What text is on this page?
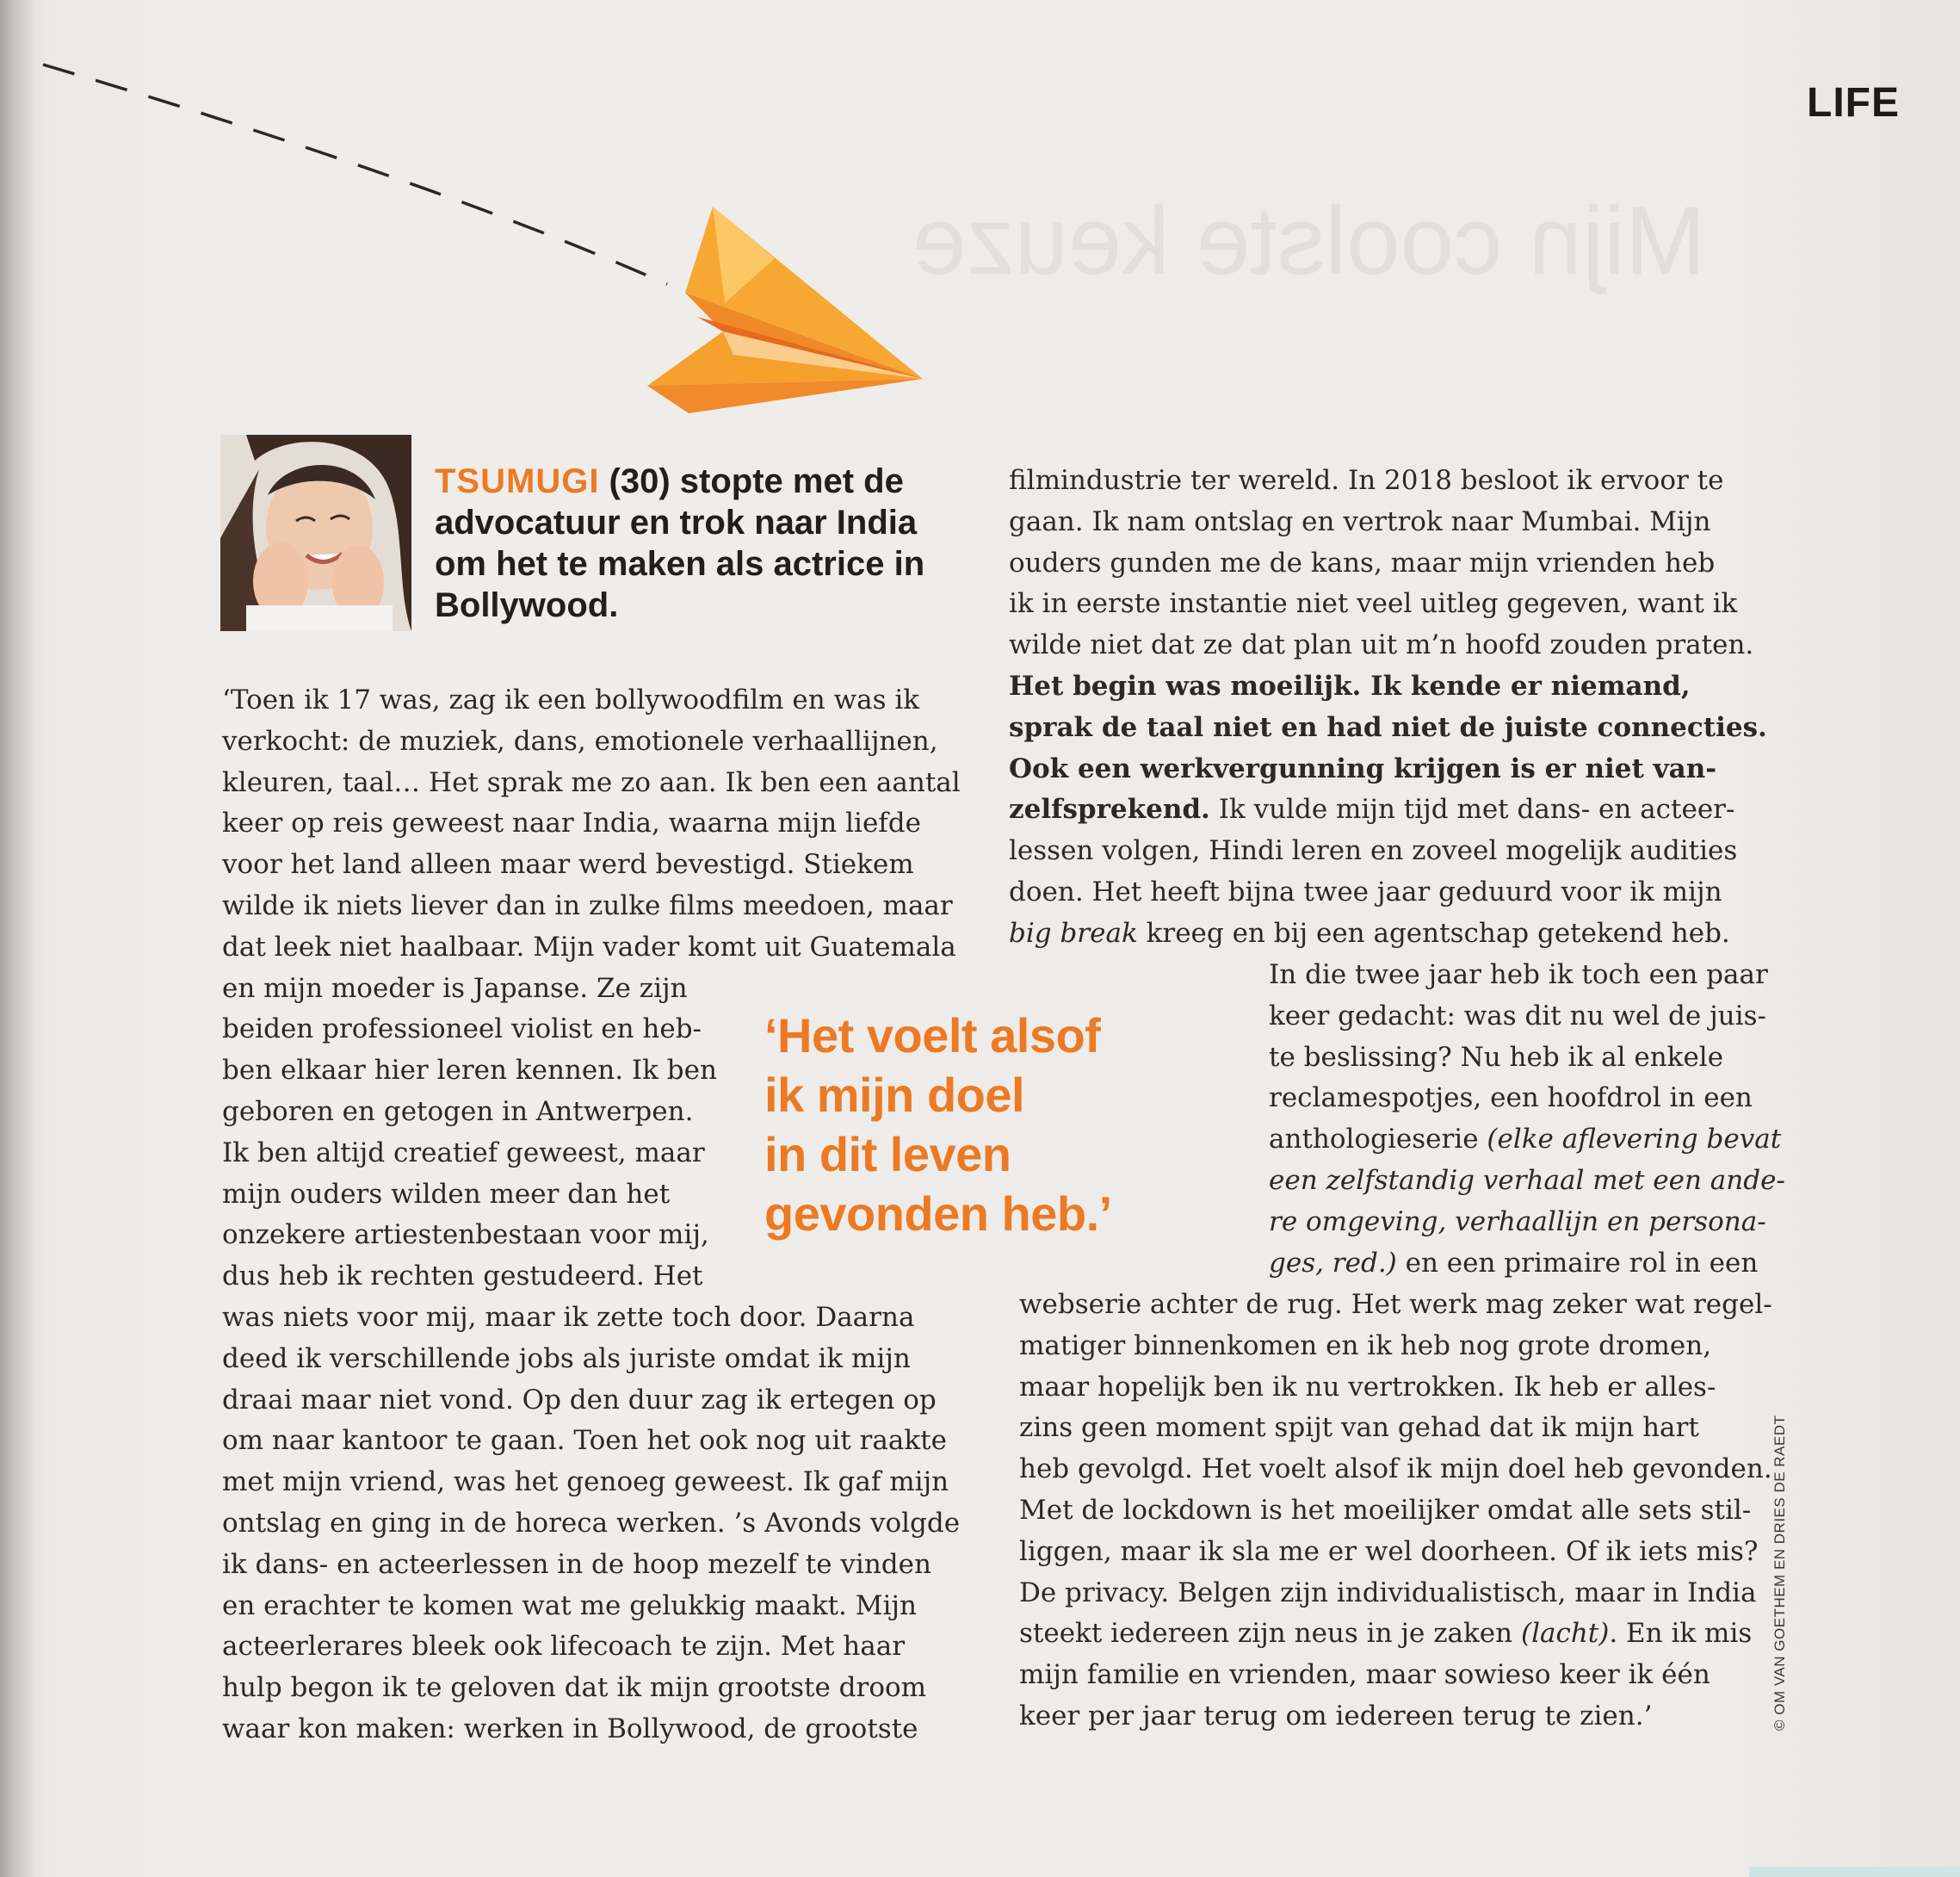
Mijn coolste keuze
LIFE
TSUMUGI (30) stopte met de advocatuur en trok naar India om het te maken als actrice in Bollywood.
‘Toen ik 17 was, zag ik een bollywoodfilm en was ik
verkocht: de muziek, dans, emotionele verhaallijnen,
kleuren, taal… Het sprak me zo aan. Ik ben een aantal
keer op reis geweest naar India, waarna mijn liefde
voor het land alleen maar werd bevestigd. Stiekem
wilde ik niets liever dan in zulke films meedoen, maar
dat leek niet haalbaar. Mijn vader komt uit Guatemala
en mijn moeder is Japanse. Ze zijn
beiden professioneel violist en heb-
ben elkaar hier leren kennen. Ik ben
geboren en getogen in Antwerpen.
Ik ben altijd creatief geweest, maar
mijn ouders wilden meer dan het
onzekere artiestenbestaan voor mij,
dus heb ik rechten gestudeerd. Het
was niets voor mij, maar ik zette toch door. Daarna
deed ik verschillende jobs als juriste omdat ik mijn
draai maar niet vond. Op den duur zag ik ertegen op
om naar kantoor te gaan. Toen het ook nog uit raakte
met mijn vriend, was het genoeg geweest. Ik gaf mijn
ontslag en ging in de horeca werken. ’s Avonds volgde
ik dans- en acteerlessen in de hoop mezelf te vinden
en erachter te komen wat me gelukkig maakt. Mijn
acteerlerares bleek ook lifecoach te zijn. Met haar
hulp begon ik te geloven dat ik mijn grootste droom
waar kon maken: werken in Bollywood, de grootste
‘Het voelt alsof
ik mijn doel
in dit leven
gevonden heb.’
filmindustrie ter wereld. In 2018 besloot ik ervoor te
gaan. Ik nam ontslag en vertrok naar Mumbai. Mijn
ouders gunden me de kans, maar mijn vrienden heb
ik in eerste instantie niet veel uitleg gegeven, want ik
wilde niet dat ze dat plan uit m’n hoofd zouden praten.
Het begin was moeilijk. Ik kende er niemand,
sprak de taal niet en had niet de juiste connecties.
Ook een werkvergunning krijgen is er niet van-
zelfsprekend. Ik vulde mijn tijd met dans- en acteer-
lessen volgen, Hindi leren en zoveel mogelijk audities
doen. Het heeft bijna twee jaar geduurd voor ik mijn
big break kreeg en bij een agentschap getekend heb.
In die twee jaar heb ik toch een paar
keer gedacht: was dit nu wel de juis-
te beslissing? Nu heb ik al enkele
reclamespotjes, een hoofdrol in een
anthologieserie (elke aflevering bevat
een zelfstandig verhaal met een ande-
re omgeving, verhaallijn en persona-
ges, red.) en een primaire rol in een
webserie achter de rug. Het werk mag zeker wat regel-
matiger binnenkomen en ik heb nog grote dromen,
maar hopelijk ben ik nu vertrokken. Ik heb er alles-
zins geen moment spijt van gehad dat ik mijn hart
heb gevolgd. Het voelt alsof ik mijn doel heb gevonden.
Met de lockdown is het moeilijker omdat alle sets stil-
liggen, maar ik sla me er wel doorheen. Of ik iets mis?
De privacy. Belgen zijn individualistisch, maar in India
steekt iedereen zijn neus in je zaken (lacht). En ik mis
mijn familie en vrienden, maar sowieso keer ik één
keer per jaar terug om iedereen terug te zien.’	© OM VAN GOETHEM EN DRIES DE RAEDT
